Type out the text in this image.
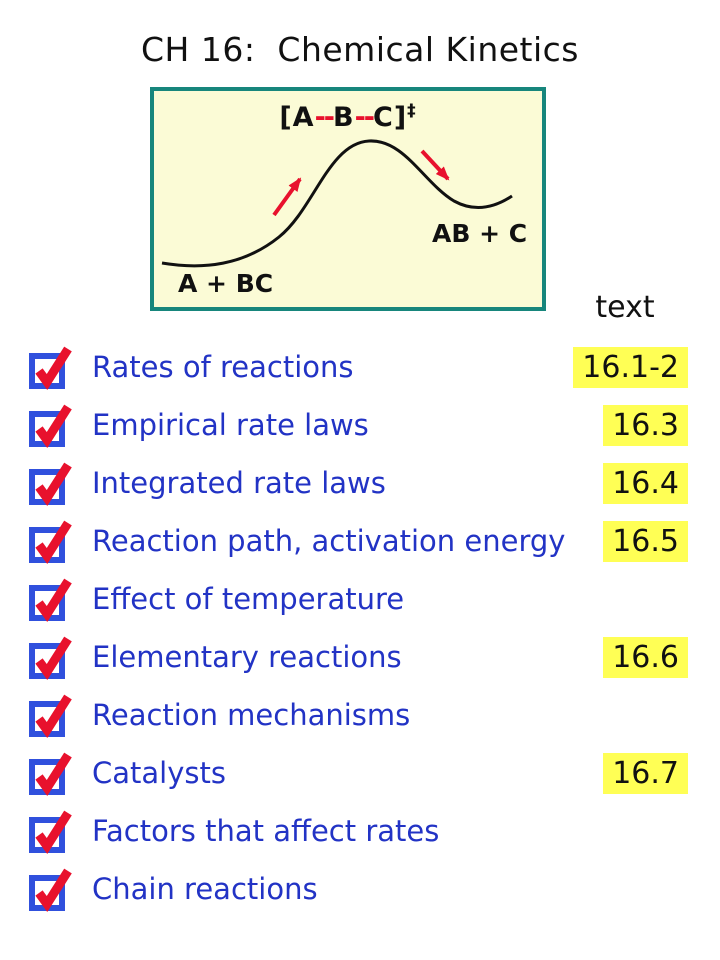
CH 16:  Chemical Kinetics
[A--B--C]‡
A + BC
AB + C
text
Rates of reactions	16.1-2
Empirical rate laws	16.3
Integrated rate laws	16.4
Reaction path, activation energy	16.5
Effect of temperature
Elementary reactions	16.6
Reaction mechanisms
Catalysts	16.7
Factors that affect rates
Chain reactions
